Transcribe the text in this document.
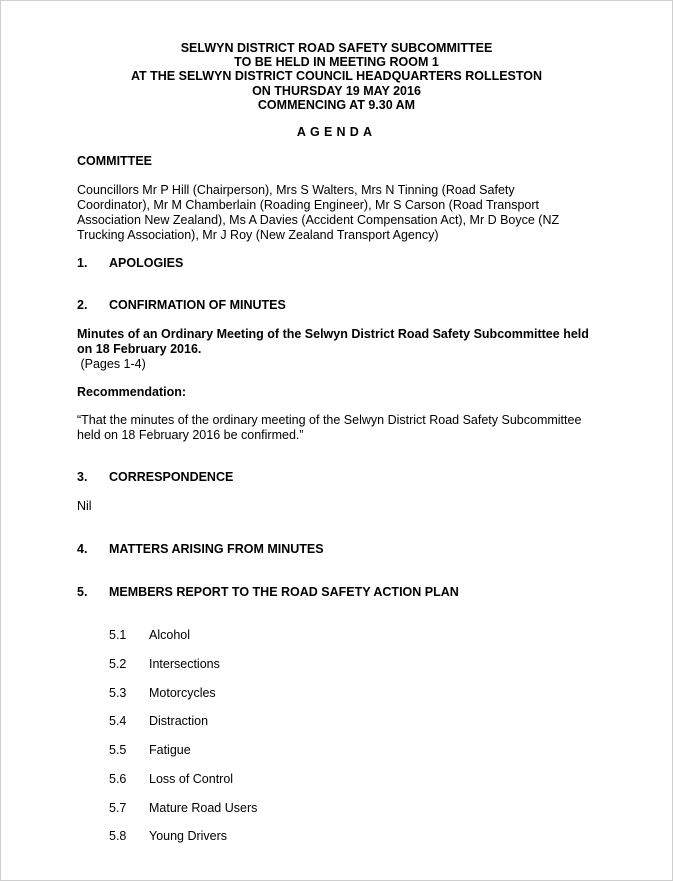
SELWYN DISTRICT ROAD SAFETY SUBCOMMITTEE
TO BE HELD IN MEETING ROOM 1
AT THE SELWYN DISTRICT COUNCIL HEADQUARTERS ROLLESTON
ON THURSDAY 19 MAY 2016
COMMENCING AT 9.30 AM
AGENDA
COMMITTEE
Councillors Mr P Hill (Chairperson), Mrs S Walters, Mrs N Tinning (Road Safety
Coordinator), Mr M Chamberlain (Roading Engineer), Mr S Carson (Road Transport
Association New Zealand), Ms A Davies (Accident Compensation Act), Mr D Boyce (NZ
Trucking Association), Mr J Roy (New Zealand Transport Agency)
1. APOLOGIES
2. CONFIRMATION OF MINUTES
Minutes of an Ordinary Meeting of the Selwyn District Road Safety Subcommittee held
on 18 February 2016.
(Pages 1-4)
Recommendation:
“That the minutes of the ordinary meeting of the Selwyn District Road Safety Subcommittee
held on 18 February 2016 be confirmed.”
3. CORRESPONDENCE
Nil
4. MATTERS ARISING FROM MINUTES
5. MEMBERS REPORT TO THE ROAD SAFETY ACTION PLAN
5.1 Alcohol
5.2 Intersections
5.3 Motorcycles
5.4 Distraction
5.5 Fatigue
5.6 Loss of Control
5.7 Mature Road Users
5.8 Young Drivers
